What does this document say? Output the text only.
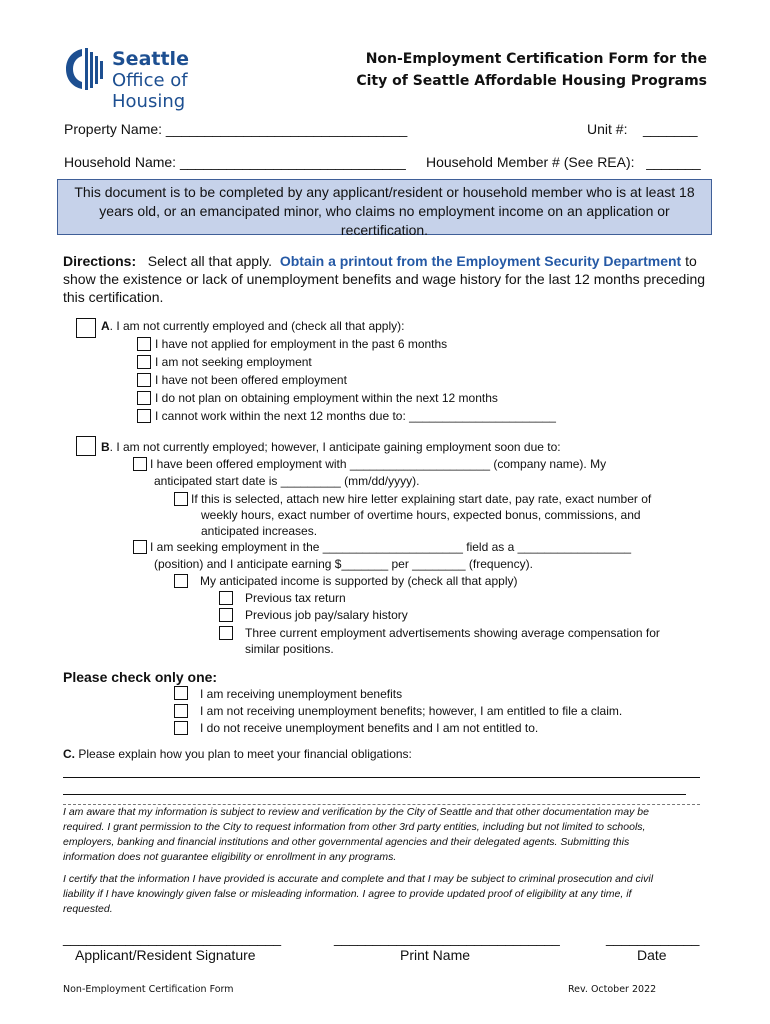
Seattle
Office of Housing
Non-Employment Certification Form for the
City of Seattle Affordable Housing Programs
Property Name: _______________________________	Unit #:    _______
Household Name: _____________________________ Household Member # (See REA):   _______
This document is to be completed by any applicant/resident or household member who is at least 18 years old, or an emancipated minor, who claims no employment income on an application or recertification.
Directions: Select all that apply. Obtain a printout from the Employment Security Department to
show the existence or lack of unemployment benefits and wage history for the last 12 months preceding
this certification.
A. I am not currently employed and (check all that apply):
I have not applied for employment in the past 6 months
I am not seeking employment
I have not been offered employment
I do not plan on obtaining employment within the next 12 months
I cannot work within the next 12 months due to: ______________________
B. I am not currently employed; however, I anticipate gaining employment soon due to:
I have been offered employment with _____________________ (company name). My
anticipated start date is _________ (mm/dd/yyyy).
If this is selected, attach new hire letter explaining start date, pay rate, exact number of
weekly hours, exact number of overtime hours, expected bonus, commissions, and
anticipated increases.
I am seeking employment in the _____________________ field as a _________________
(position) and I anticipate earning $_______ per ________ (frequency).
My anticipated income is supported by (check all that apply)
Previous tax return
Previous job pay/salary history
Three current employment advertisements showing average compensation for
similar positions.
Please check only one:
I am receiving unemployment benefits
I am not receiving unemployment benefits; however, I am entitled to file a claim.
I do not receive unemployment benefits and I am not entitled to.
C. Please explain how you plan to meet your financial obligations:
I am aware that my information is subject to review and verification by the City of Seattle and that other documentation may be
required. I grant permission to the City to request information from other 3rd party entities, including but not limited to schools,
employers, banking and financial institutions and other governmental agencies and their delegated agents. Submitting this
information does not guarantee eligibility or enrollment in any programs.
I certify that the information I have provided is accurate and complete and that I may be subject to criminal prosecution and civil
liability if I have knowingly given false or misleading information. I agree to provide updated proof of eligibility at any time, if
requested.
____________________________
Applicant/Resident Signature
_____________________________
Print Name
____________
Date
Non-Employment Certification Form	Rev. October 2022
